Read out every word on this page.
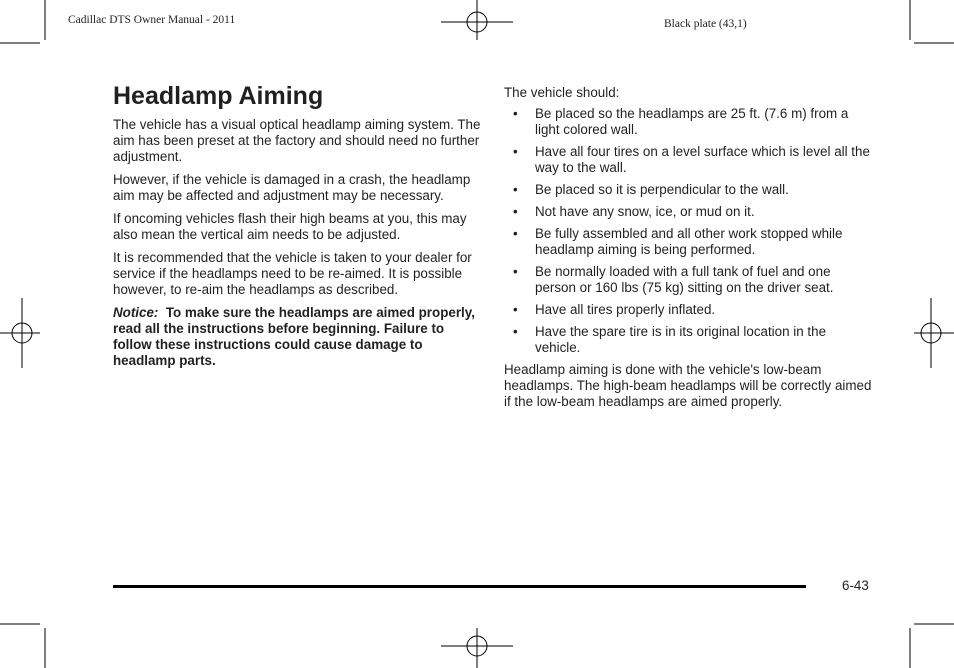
Cadillac DTS Owner Manual - 2011	Black plate (43,1)
Headlamp Aiming

The vehicle has a visual optical headlamp aiming system. The aim has been preset at the factory and should need no further adjustment.

However, if the vehicle is damaged in a crash, the headlamp aim may be affected and adjustment may be necessary.

If oncoming vehicles flash their high beams at you, this may also mean the vertical aim needs to be adjusted.

It is recommended that the vehicle is taken to your dealer for service if the headlamps need to be re-aimed. It is possible however, to re-aim the headlamps as described.

Notice: To make sure the headlamps are aimed properly, read all the instructions before beginning. Failure to follow these instructions could cause damage to headlamp parts.

The vehicle should:

• Be placed so the headlamps are 25 ft. (7.6 m) from a light colored wall.
• Have all four tires on a level surface which is level all the way to the wall.
• Be placed so it is perpendicular to the wall.
• Not have any snow, ice, or mud on it.
• Be fully assembled and all other work stopped while headlamp aiming is being performed.
• Be normally loaded with a full tank of fuel and one person or 160 lbs (75 kg) sitting on the driver seat.
• Have all tires properly inflated.
• Have the spare tire is in its original location in the vehicle.

Headlamp aiming is done with the vehicle's low-beam headlamps. The high-beam headlamps will be correctly aimed if the low-beam headlamps are aimed properly.

6-43
